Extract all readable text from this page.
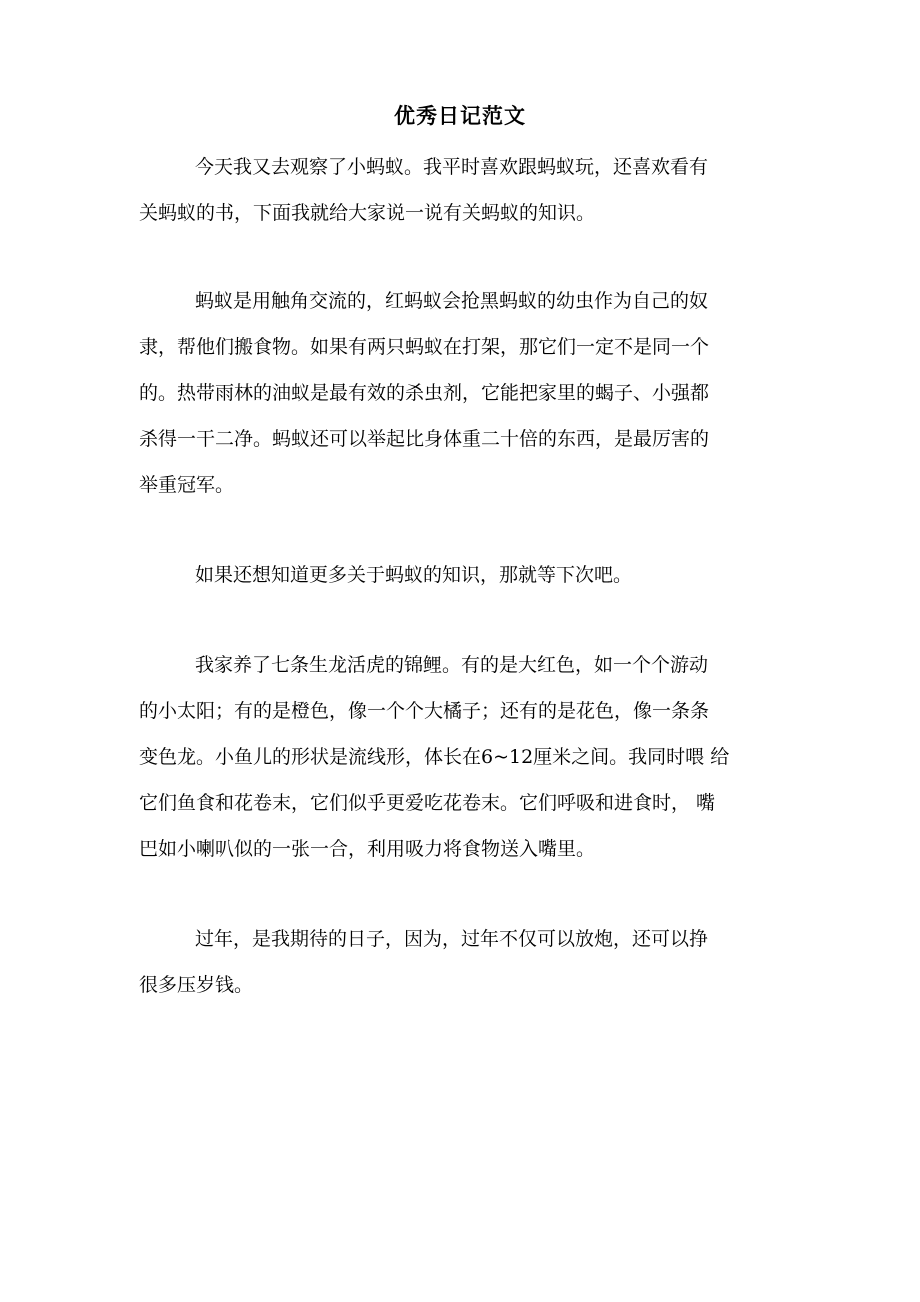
优秀日记范文
今天我又去观察了小蚂蚁。我平时喜欢跟蚂蚁玩，还喜欢看有
关蚂蚁的书，下面我就给大家说一说有关蚂蚁的知识。
蚂蚁是用触角交流的，红蚂蚁会抢黑蚂蚁的幼虫作为自己的奴
隶，帮他们搬食物。如果有两只蚂蚁在打架，那它们一定不是同一个
的。热带雨林的油蚁是最有效的杀虫剂，它能把家里的蝎子、小强都
杀得一干二净。蚂蚁还可以举起比身体重二十倍的东西，是最厉害的
举重冠军。
如果还想知道更多关于蚂蚁的知识，那就等下次吧。
我家养了七条生龙活虎的锦鲤。有的是大红色，如一个个游动
的小太阳；有的是橙色，像一个个大橘子；还有的是花色，像一条条
变色龙。小鱼儿的形状是流线形，体长在6~12厘米之间。我同时喂 给
它们鱼食和花卷末，它们似乎更爱吃花卷末。它们呼吸和进食时， 嘴
巴如小喇叭似的一张一合，利用吸力将食物送入嘴里。
过年，是我期待的日子，因为，过年不仅可以放炮，还可以挣
很多压岁钱。
